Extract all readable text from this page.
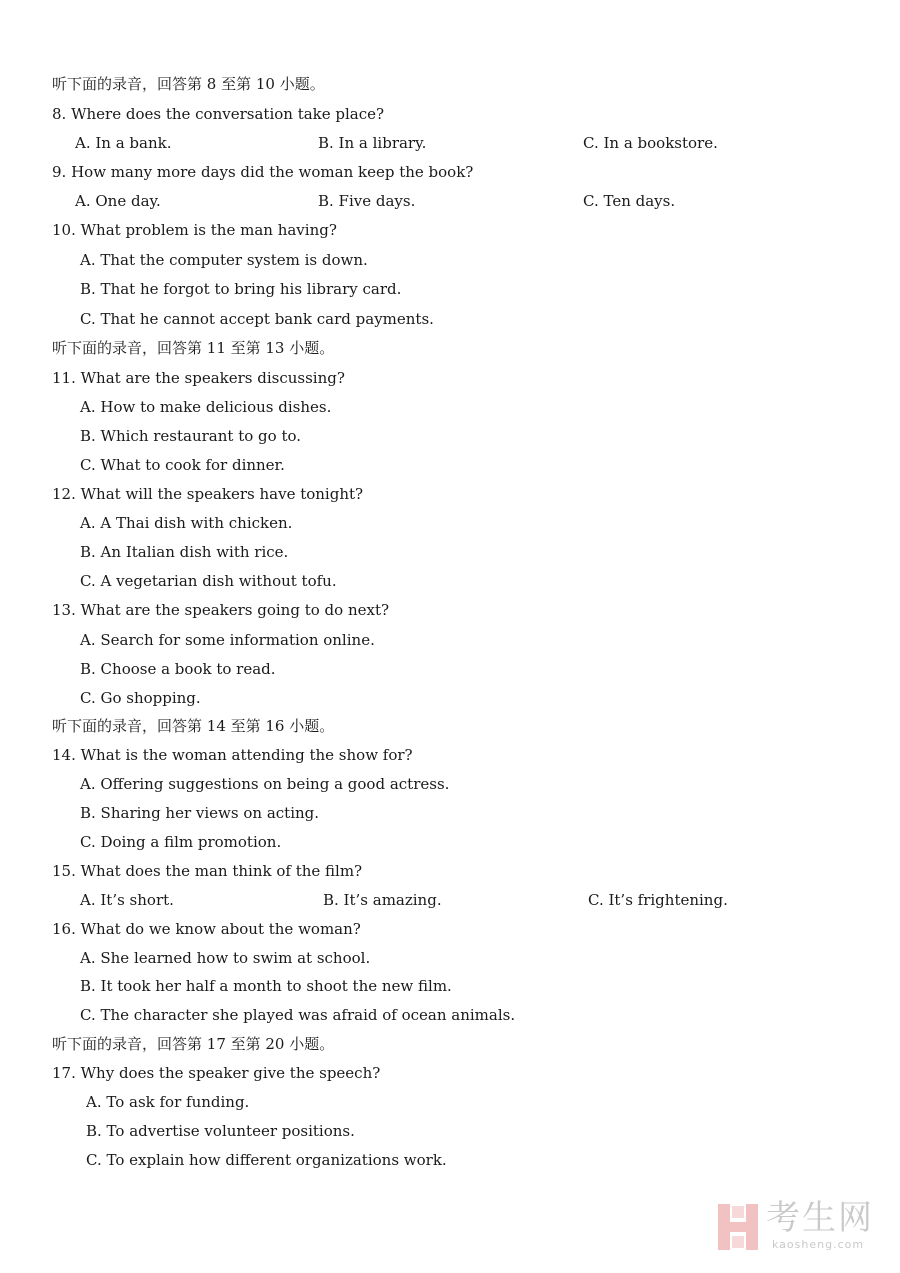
听下面的录音，回答第 8 至第 10 小题。
8. Where does the conversation take place?
A. In a bank.	B. In a library.	C. In a bookstore.
9. How many more days did the woman keep the book?
A. One day.	B. Five days.	C. Ten days.
10. What problem is the man having?
A. That the computer system is down.
B. That he forgot to bring his library card.
C. That he cannot accept bank card payments.
听下面的录音，回答第 11 至第 13 小题。
11. What are the speakers discussing?
A. How to make delicious dishes.
B. Which restaurant to go to.
C. What to cook for dinner.
12. What will the speakers have tonight?
A. A Thai dish with chicken.
B. An Italian dish with rice.
C. A vegetarian dish without tofu.
13. What are the speakers going to do next?
A. Search for some information online.
B. Choose a book to read.
C. Go shopping.
听下面的录音，回答第 14 至第 16 小题。
14. What is the woman attending the show for?
A. Offering suggestions on being a good actress.
B. Sharing her views on acting.
C. Doing a film promotion.
15. What does the man think of the film?
A. It’s short.	B. It’s amazing.	C. It’s frightening.
16. What do we know about the woman?
A. She learned how to swim at school.
B. It took her half a month to shoot the new film.
C. The character she played was afraid of ocean animals.
听下面的录音，回答第 17 至第 20 小题。
17. Why does the speaker give the speech?
A. To ask for funding.
B. To advertise volunteer positions.
C. To explain how different organizations work.
考生网
kaosheng.com
